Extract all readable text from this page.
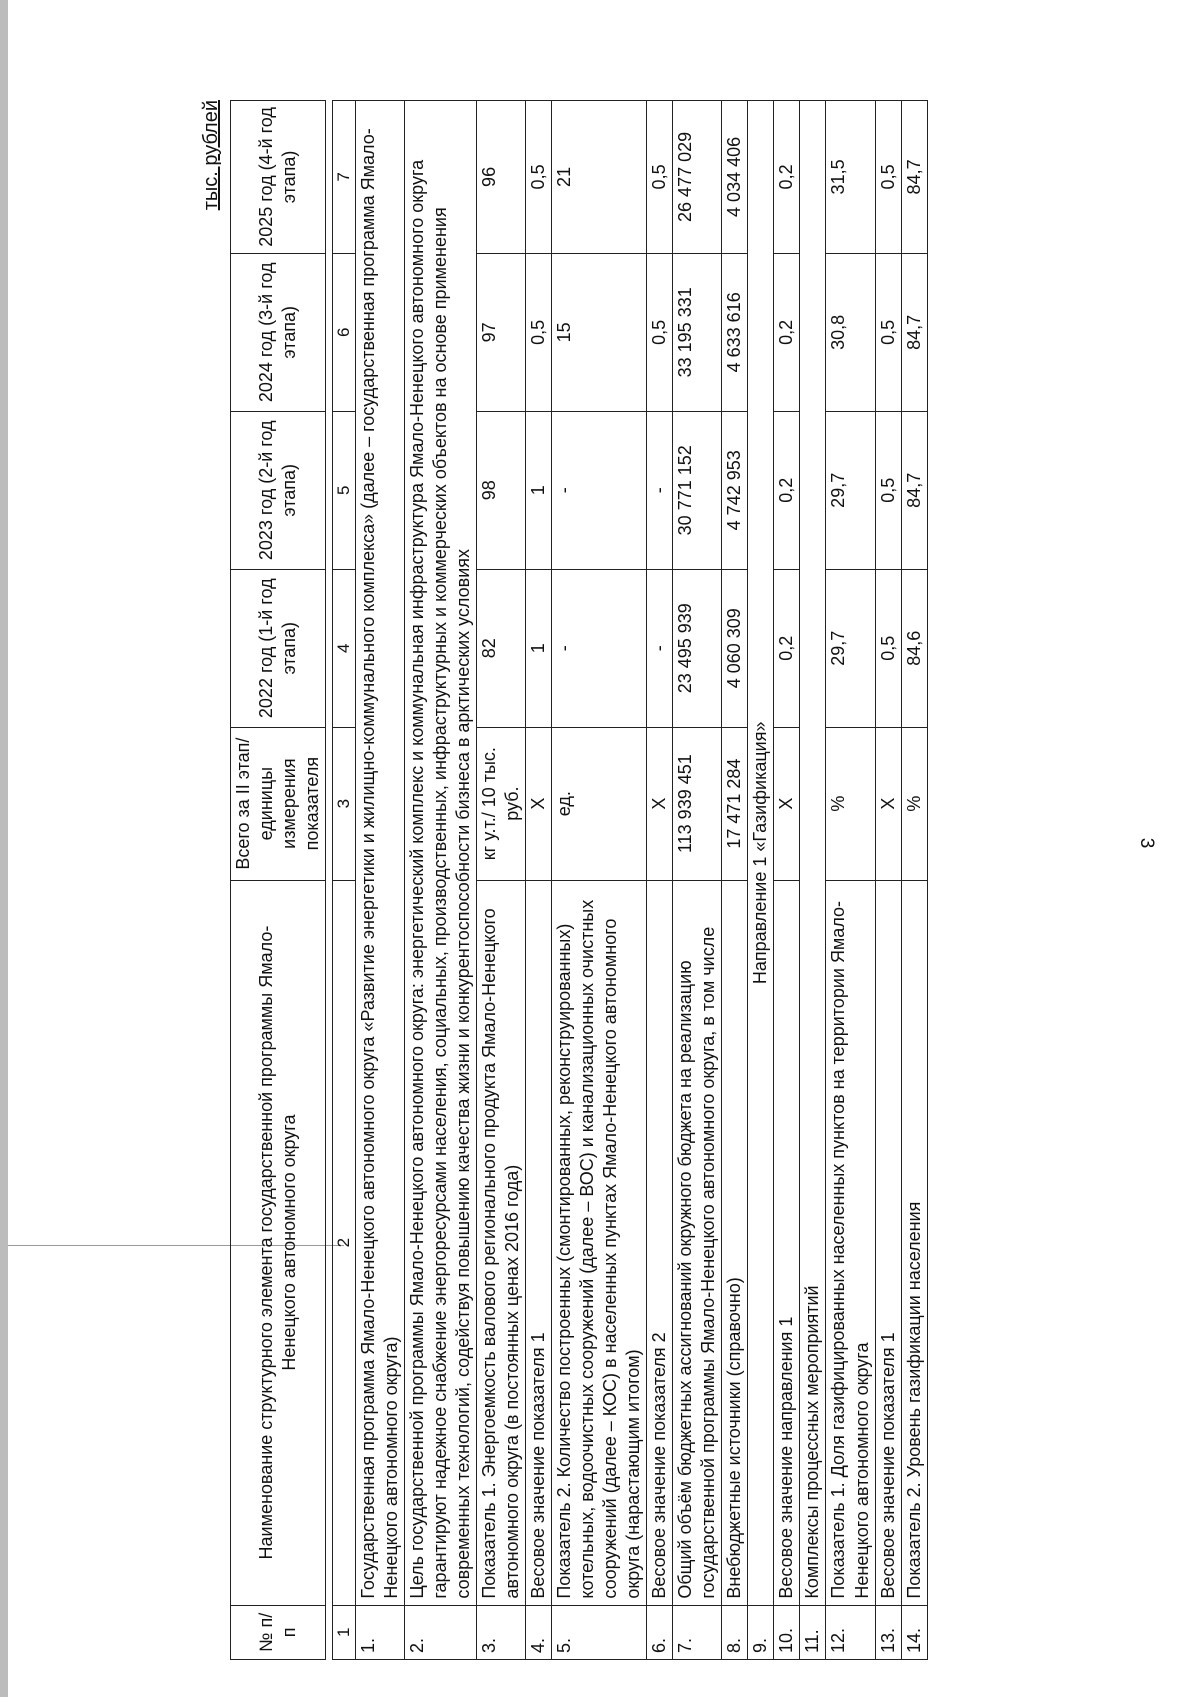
3
тыс. рублей
№ п/п	Наименование структурного элемента государственной программы Ямало-Ненецкого автономного округа	Всего за II этап/ единицы измерения показателя	2022 год (1-й год этапа)	2023 год (2-й год этапа)	2024 год (3-й год этапа)	2025 год (4-й год этапа)

1	2	3	4	5	6	7
1.	Государственная программа Ямало-Ненецкого автономного округа «Развитие энергетики и жилищно-коммунального комплекса» (далее – государственная программа Ямало-Ненецкого автономного округа)					
2.	Цель государственной программы Ямало-Ненецкого автономного округа: энергетический комплекс и коммунальная инфраструктура Ямало-Ненецкого автономного округа гарантируют надежное снабжение энергоресурсами населения, социальных, производственных, инфраструктурных и коммерческих объектов на основе применения современных технологий, содействуя повышению качества жизни и конкурентоспособности бизнеса в арктических условиях					
3.	Показатель 1. Энергоемкость валового регионального продукта Ямало-Ненецкого автономного округа (в постоянных ценах 2016 года)	кг у.т./ 10 тыс. руб.	82	98	97	96
4.	Весовое значение показателя 1	X	1	1	0,5	0,5
5.	Показатель 2. Количество построенных (смонтированных, реконструированных) котельных, водоочистных сооружений (далее – ВОС) и канализационных очистных сооружений (далее – КОС) в населенных пунктах Ямало-Ненецкого автономного округа (нарастающим итогом)	ед.	-	-	15	21
6.	Весовое значение показателя 2	X	-	-	0,5	0,5
7.	Общий объём бюджетных ассигнований окружного бюджета на реализацию государственной программы Ямало-Ненецкого автономного округа, в том числе	113 939 451	23 495 939	30 771 152	33 195 331	26 477 029
8.	Внебюджетные источники (справочно)	17 471 284	4 060 309	4 742 953	4 633 616	4 034 406
9.	Направление 1 «Газификация»					
10.	Весовое значение направления 1	X	0,2	0,2	0,2	0,2
11.	Комплексы процессных мероприятий					
12.	Показатель 1. Доля газифицированных населенных пунктов на территории Ямало-Ненецкого автономного округа	%	29,7	29,7	30,8	31,5
13.	Весовое значение показателя 1	X	0,5	0,5	0,5	0,5
14.	Показатель 2. Уровень газификации населения	%	84,6	84,7	84,7	84,7
